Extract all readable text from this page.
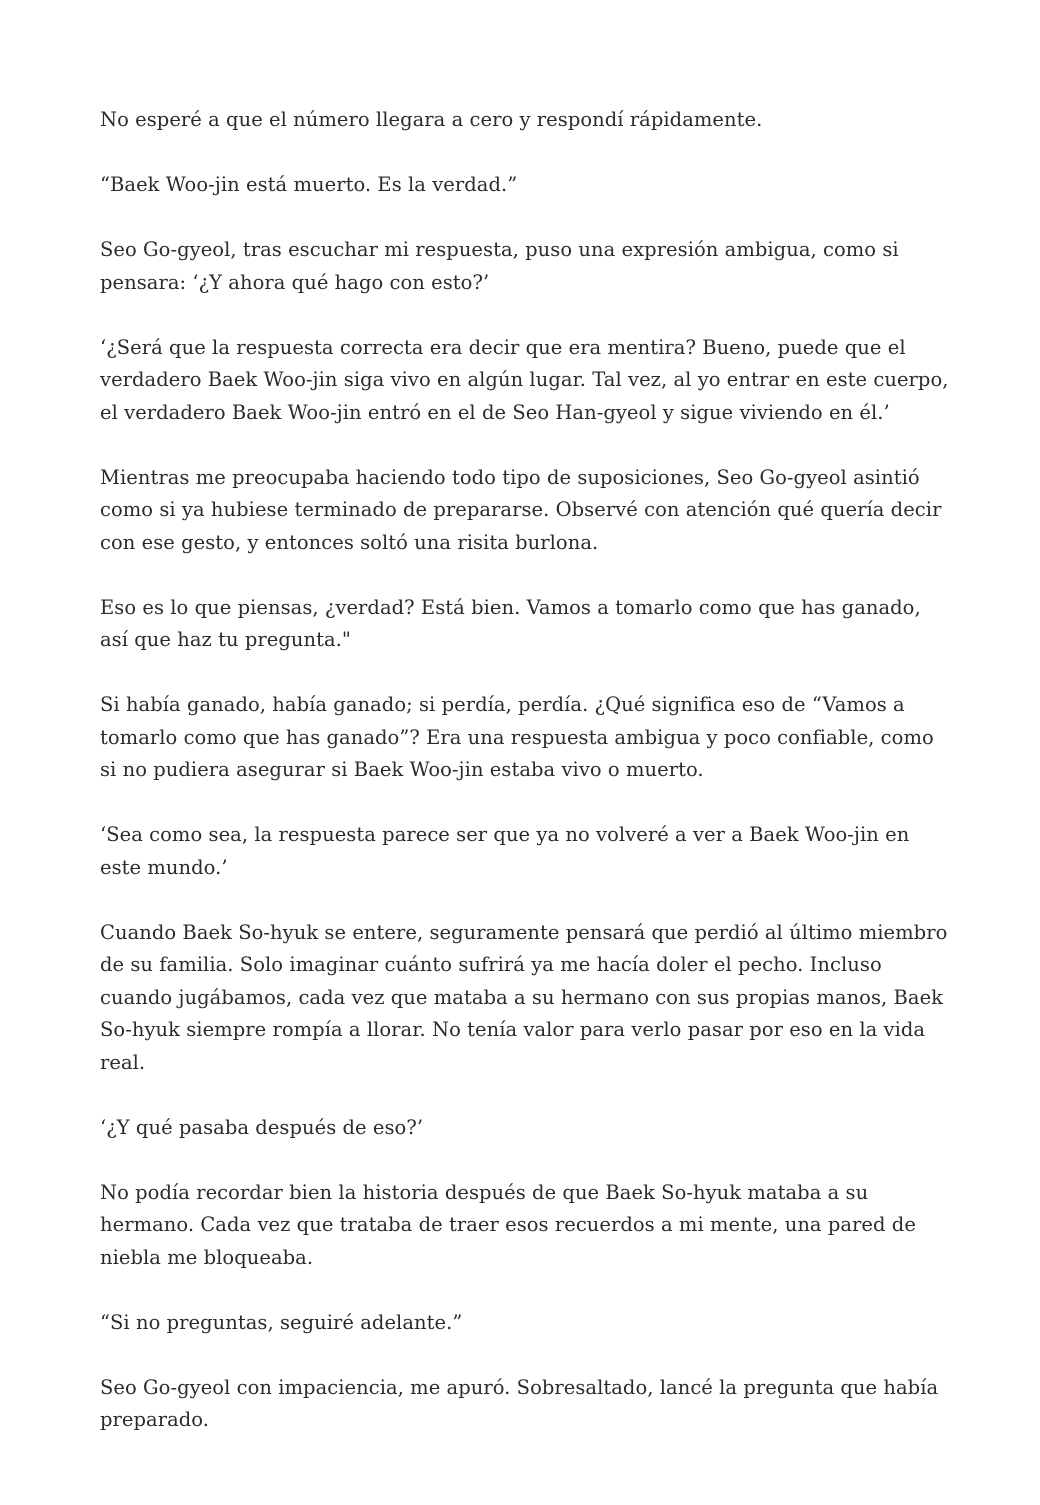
No esperé a que el número llegara a cero y respondí rápidamente.

“Baek Woo-jin está muerto. Es la verdad.”

Seo Go-gyeol, tras escuchar mi respuesta, puso una expresión ambigua, como si pensara: ‘¿Y ahora qué hago con esto?’

‘¿Será que la respuesta correcta era decir que era mentira? Bueno, puede que el verdadero Baek Woo-jin siga vivo en algún lugar. Tal vez, al yo entrar en este cuerpo, el verdadero Baek Woo-jin entró en el de Seo Han-gyeol y sigue viviendo en él.’

Mientras me preocupaba haciendo todo tipo de suposiciones, Seo Go-gyeol asintió como si ya hubiese terminado de prepararse. Observé con atención qué quería decir con ese gesto, y entonces soltó una risita burlona.

Eso es lo que piensas, ¿verdad? Está bien. Vamos a tomarlo como que has ganado, así que haz tu pregunta."

Si había ganado, había ganado; si perdía, perdía. ¿Qué significa eso de “Vamos a tomarlo como que has ganado”? Era una respuesta ambigua y poco confiable, como si no pudiera asegurar si Baek Woo-jin estaba vivo o muerto.

‘Sea como sea, la respuesta parece ser que ya no volveré a ver a Baek Woo-jin en este mundo.’

Cuando Baek So-hyuk se entere, seguramente pensará que perdió al último miembro de su familia. Solo imaginar cuánto sufrirá ya me hacía doler el pecho. Incluso cuando jugábamos, cada vez que mataba a su hermano con sus propias manos, Baek So-hyuk siempre rompía a llorar. No tenía valor para verlo pasar por eso en la vida real.

‘¿Y qué pasaba después de eso?’

No podía recordar bien la historia después de que Baek So-hyuk mataba a su hermano. Cada vez que trataba de traer esos recuerdos a mi mente, una pared de niebla me bloqueaba.

“Si no preguntas, seguiré adelante.”

Seo Go-gyeol con impaciencia, me apuró. Sobresaltado, lancé la pregunta que había preparado.
